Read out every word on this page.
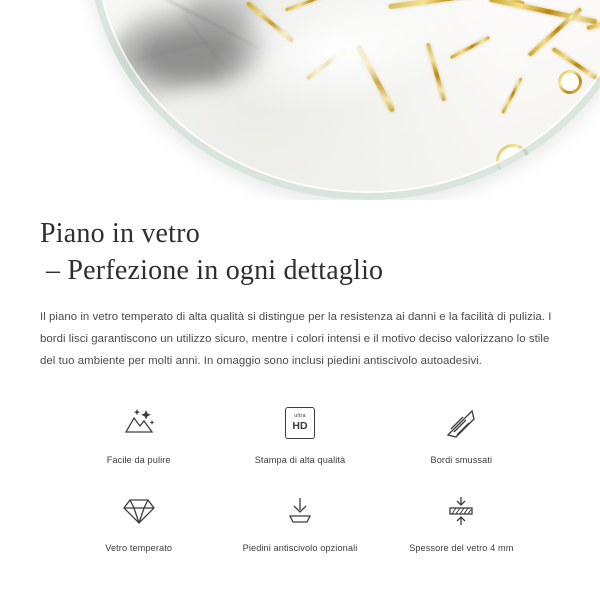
Piano in vetro
– Perfezione in ogni dettaglio

Il piano in vetro temperato di alta qualità si distingue per la resistenza ai danni e la facilità di pulizia. I bordi lisci garantiscono un utilizzo sicuro, mentre i colori intensi e il motivo deciso valorizzano lo stile del tuo ambiente per molti anni. In omaggio sono inclusi piedini antiscivolo autoadesivi.

Facile da pulire
ultra
HD
Stampa di alta qualità	Bordi smussati
Vetro temperato	Piedini antiscivolo opzionali	Spessore del vetro 4 mm
